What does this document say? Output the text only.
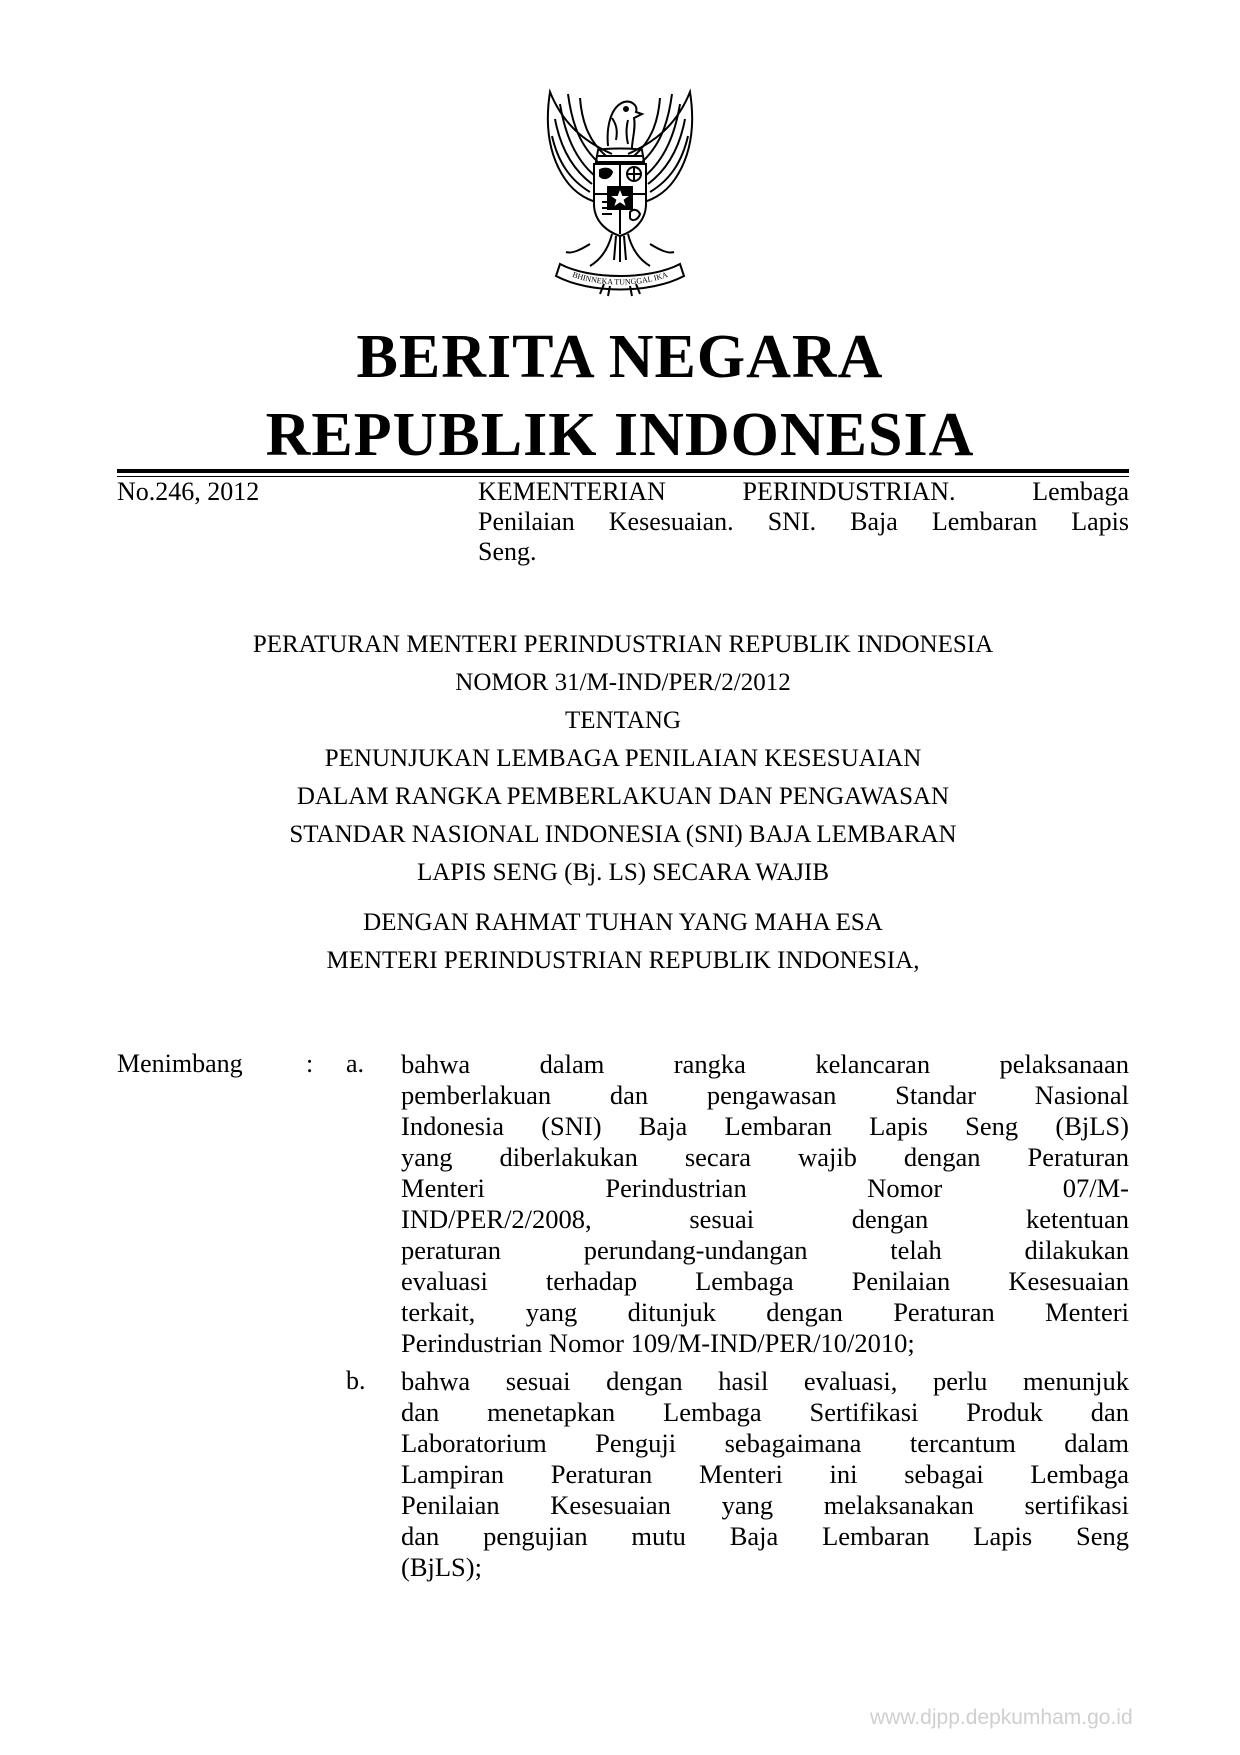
BHINNEKA TUNGGAL IKA
BERITA NEGARA
REPUBLIK INDONESIA
No.246, 2012	KEMENTERIAN PERINDUSTRIAN. Lembaga
Penilaian Kesesuaian. SNI. Baja Lembaran Lapis
Seng.
PERATURAN MENTERI PERINDUSTRIAN REPUBLIK INDONESIA
NOMOR 31/M-IND/PER/2/2012
TENTANG
PENUNJUKAN LEMBAGA PENILAIAN KESESUAIAN
DALAM RANGKA PEMBERLAKUAN DAN PENGAWASAN
STANDAR NASIONAL INDONESIA (SNI) BAJA LEMBARAN
LAPIS SENG (Bj. LS) SECARA WAJIB
DENGAN RAHMAT TUHAN YANG MAHA ESA
MENTERI PERINDUSTRIAN REPUBLIK INDONESIA,
Menimbang : a. bahwa dalam rangka kelancaran pelaksanaan
pemberlakuan dan pengawasan Standar Nasional
Indonesia (SNI) Baja Lembaran Lapis Seng (BjLS)
yang diberlakukan secara wajib dengan Peraturan
Menteri Perindustrian Nomor 07/M-
IND/PER/2/2008, sesuai dengan ketentuan
peraturan perundang-undangan telah dilakukan
evaluasi terhadap Lembaga Penilaian Kesesuaian
terkait, yang ditunjuk dengan Peraturan Menteri
Perindustrian Nomor 109/M-IND/PER/10/2010;
b. bahwa sesuai dengan hasil evaluasi, perlu menunjuk
dan menetapkan Lembaga Sertifikasi Produk dan
Laboratorium Penguji sebagaimana tercantum dalam
Lampiran Peraturan Menteri ini sebagai Lembaga
Penilaian Kesesuaian yang melaksanakan sertifikasi
dan pengujian mutu Baja Lembaran Lapis Seng
(BjLS);
www.djpp.depkumham.go.id
